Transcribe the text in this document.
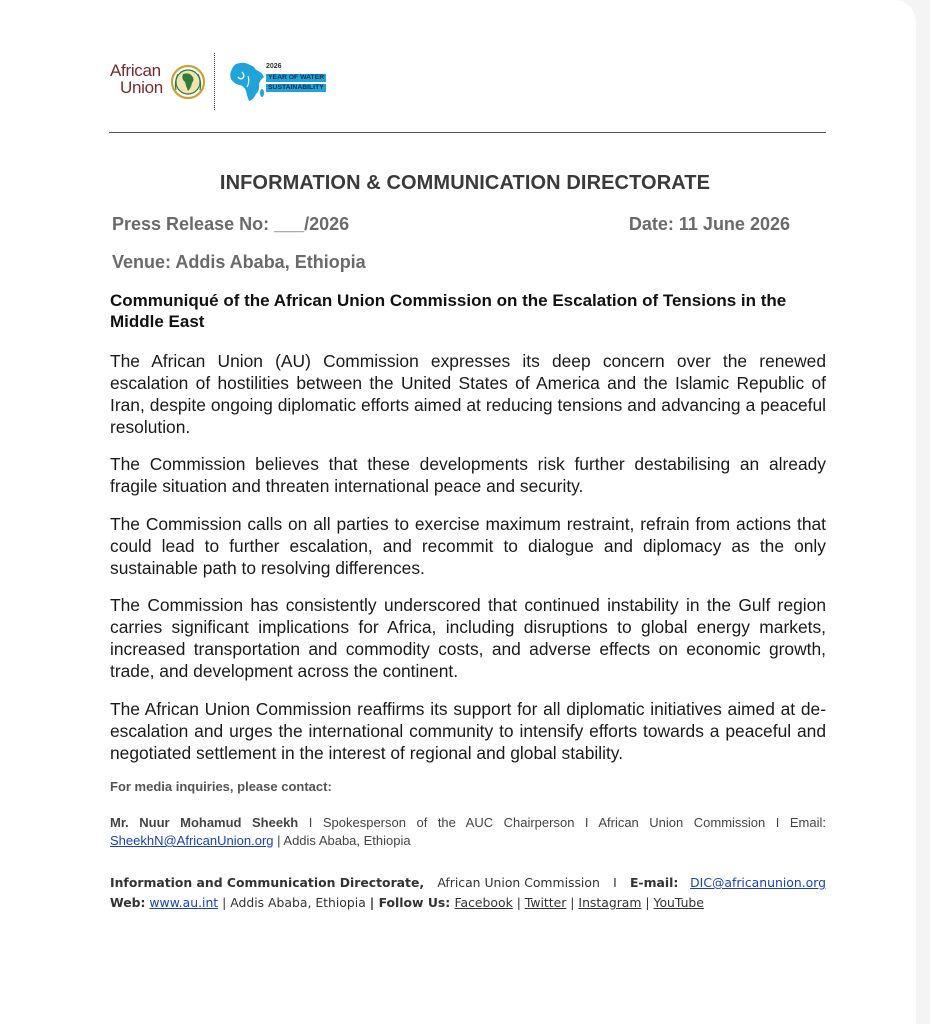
African
Union
2026
YEAR OF WATER
SUSTAINABILITY
INFORMATION & COMMUNICATION DIRECTORATE
Press Release No: ___/2026	Date: 11 June 2026
Venue: Addis Ababa, Ethiopia
Communiqué of the African Union Commission on the Escalation of Tensions in the Middle East
The African Union (AU) Commission expresses its deep concern over the renewed escalation of hostilities between the United States of America and the Islamic Republic of Iran, despite ongoing diplomatic efforts aimed at reducing tensions and advancing a peaceful resolution.
The Commission believes that these developments risk further destabilising an already fragile situation and threaten international peace and security.
The Commission calls on all parties to exercise maximum restraint, refrain from actions that could lead to further escalation, and recommit to dialogue and diplomacy as the only sustainable path to resolving differences.
The Commission has consistently underscored that continued instability in the Gulf region carries significant implications for Africa, including disruptions to global energy markets, increased transportation and commodity costs, and adverse effects on economic growth, trade, and development across the continent.
The African Union Commission reaffirms its support for all diplomatic initiatives aimed at de-escalation and urges the international community to intensify efforts towards a peaceful and negotiated settlement in the interest of regional and global stability.
For media inquiries, please contact:
Mr. Nuur Mohamud Sheekh I Spokesperson of the AUC Chairperson I African Union Commission I Email: SheekhN@AfricanUnion.org | Addis Ababa, Ethiopia
Information and Communication Directorate, African Union Commission I E-mail: DIC@africanunion.org
Web: www.au.int | Addis Ababa, Ethiopia | Follow Us: Facebook | Twitter | Instagram | YouTube
